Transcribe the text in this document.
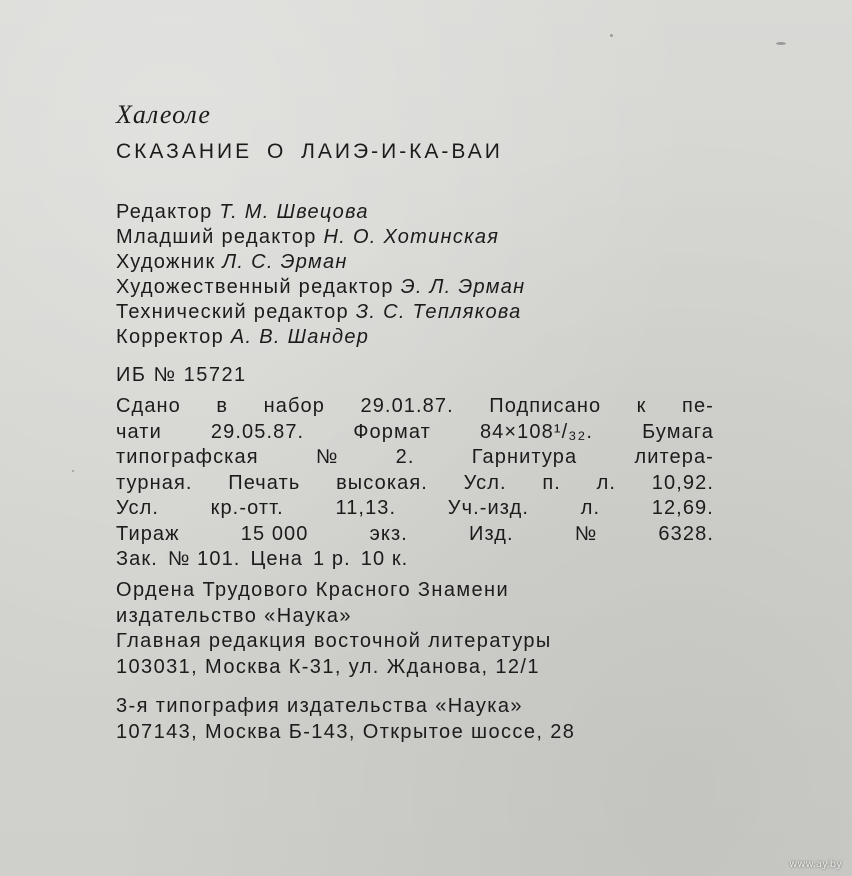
Халеоле
СКАЗАНИЕ О ЛАИЭ-И-КА-ВАИ
Редактор Т. М. Швецова
Младший редактор Н. О. Хотинская
Художник Л. С. Эрман
Художественный редактор Э. Л. Эрман
Технический редактор З. С. Теплякова
Корректор А. В. Шандер
ИБ № 15721
Сдано в набор 29.01.87. Подписано к пе-
чати 29.05.87. Формат 84×108¹/₃₂. Бумага
типографская	№	2.	Гарнитура	литера-
турная. Печать высокая. Усл. п. л. 10,92.
Усл.	кр.-отт.	11,13.	Уч.-изд.	л.	12,69.
Тираж	15 000	экз.	Изд.	№	6328.
Зак. № 101. Цена 1 р. 10 к.
Ордена Трудового Красного Знамени
издательство «Наука»
Главная редакция восточной литературы
103031, Москва К-31, ул. Жданова, 12/1
3-я типография издательства «Наука»
107143, Москва Б-143, Открытое шоссе, 28
www.ay.by
